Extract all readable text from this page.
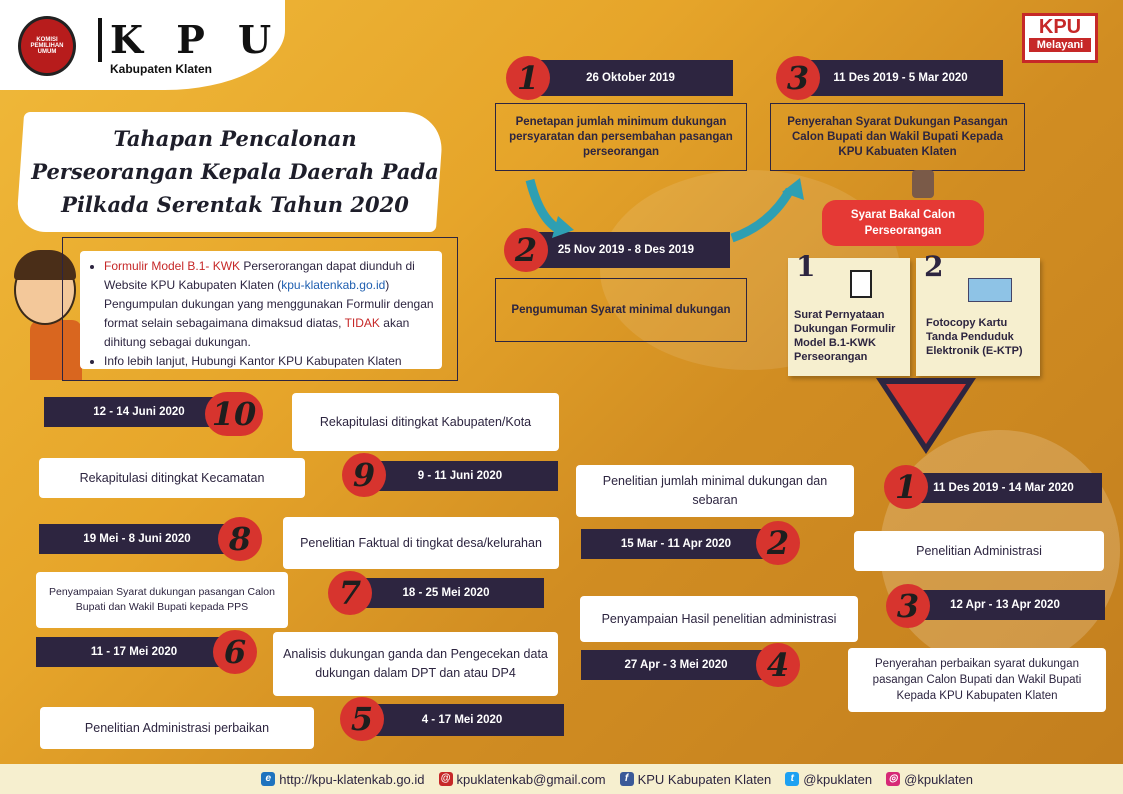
KOMISI PEMILIHAN UMUM	K P U
Kabupaten Klaten
KPU
Melayani
Tahapan Pencalonan Perseorangan Kepala Daerah Pada Pilkada Serentak Tahun 2020
• Formulir Model B.1- KWK Perserorangan dapat diunduh di Website KPU Kabupaten Klaten (kpu-klatenkab.go.id)
Pengumpulan dukungan yang menggunakan Formulir dengan format selain sebagaimana dimaksud diatas, TIDAK akan dihitung sebagai dukungan.
• Info lebih lanjut, Hubungi Kantor KPU Kabupaten Klaten
26 Oktober 2019
1
Penetapan jumlah minimum dukungan persyaratan dan persembahan pasangan perseorangan
25 Nov 2019 - 8 Des 2019
2
Pengumuman Syarat minimal dukungan
11 Des 2019 - 5 Mar 2020
3
Penyerahan Syarat Dukungan Pasangan Calon Bupati dan Wakil Bupati Kepada KPU Kabuaten Klaten
Syarat Bakal Calon Perseorangan
1
Surat Pernyataan Dukungan Formulir Model B.1-KWK Perseorangan
2
Fotocopy Kartu Tanda Penduduk Elektronik (E-KTP)
Penelitian jumlah minimal dukungan dan sebaran
11 Des 2019 - 14 Mar 2020
1
15 Mar - 11 Apr 2020	2	Penelitian Administrasi
Penyampaian Hasil penelitian administrasi
12 Apr - 13 Apr 2020
3
27 Apr - 3 Mei 2020	4	Penyerahan perbaikan syarat dukungan pasangan Calon Bupati dan Wakil Bupati Kepada KPU Kabupaten Klaten
12 - 14 Juni 2020 10	Rekapitulasi ditingkat Kabupaten/Kota
Rekapitulasi ditingkat Kecamatan	9 - 11 Juni 2020
9
19 Mei - 8 Juni 2020	8	Penelitian Faktual di tingkat desa/kelurahan
Penyampaian Syarat dukungan pasangan Calon Bupati dan Wakil Bupati kepada PPS
18 - 25 Mei 2020
7
11 - 17 Mei 2020	6	Analisis dukungan ganda dan Pengecekan data dukungan dalam DPT dan atau DP4
Penelitian Administrasi perbaikan
4 - 17 Mei 2020
5
e http://kpu-klatenkab.go.id @ kpuklatenkab@gmail.com	f KPU Kabupaten Klaten	t @kpuklaten ◎ @kpuklaten
